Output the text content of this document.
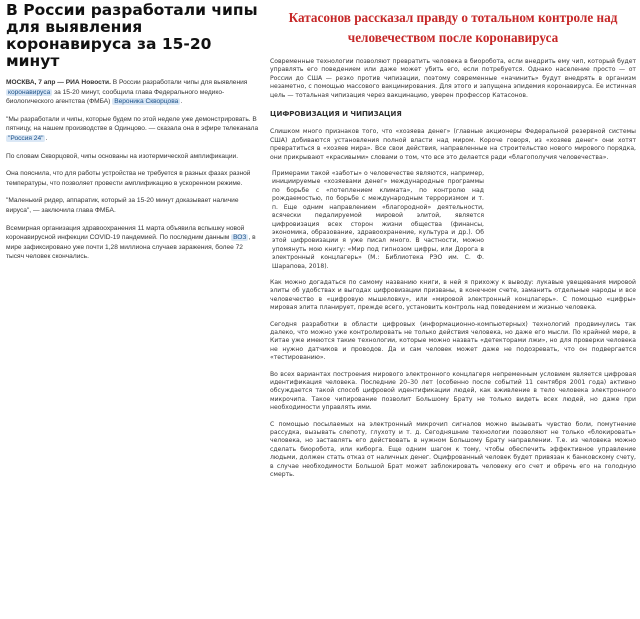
В России разработали чипы для выявления коронавируса за 15-20 минут

МОСКВА, 7 апр — РИА Новости. В России разработали чипы для выявления коронавируса за 15-20 минут, сообщила глава Федерального медико-биологического агентства (ФМБА) Вероника Скворцова .

"Мы разработали и чипы, которые будем по этой неделе уже демонстрировать. В пятницу, на нашем производстве в Одинцово. — сказала она в эфире телеканала "Россия 24" .

По словам Скворцовой, чипы основаны на изотермической амплификации.

Она пояснила, что для работы устройства не требуется в разных фазах разной температуры, что позволяет провести амплификацию в ускоренном режиме.

"Маленький ридер, аппаратик, который за 15-20 минут доказывает наличие вируса", — заключила глава ФМБА.

Всемирная организация здравоохранения 11 марта объявила вспышку новой коронавирусной инфекции COVID-19 пандемией. По последним данным ВОЗ , в мире зафиксировано уже почти 1,28 миллиона случаев заражения, более 72 тысяч человек скончались.

Катасонов рассказал правду о тотальном контроле над человечеством после коронавируса

Современные технологии позволяют превратить человека в биоробота, если внедрить ему чип, который будет управлять его поведением или даже может убить его, если потребуется. Однако население просто — от России до США — резко против чипизации, поэтому современные «начинить» будут внедрять в организм незаметно, с помощью массового вакцинирования. Для этого и запущена эпидемия коронавируса. Ее истинная цель — тотальная чипизация через вакцинацию, уверен профессор Катасонов.

ЦИФРОВИЗАЦИЯ И ЧИПИЗАЦИЯ

Слишком много признаков того, что «хозяева денег» (главные акционеры Федеральной резервной системы США) добиваются установления полной власти над миром. Короче говоря, из «хозяев денег» они хотят превратиться в «хозяев мира». Все свои действия, направленные на строительство нового мирового порядка, они прикрывают «красивыми» словами о том, что все это делается ради «благополучия человечества».

Примерами такой «заботы» о человечестве являются, например, инициируемые «хозяевами денег» международные программы по борьбе с «потеплением климата», по контролю над рождаемостью, по борьбе с международным терроризмом и т. п. Еще одним направлением «благородной» деятельности, всячески педалируемой мировой элитой, является цифровизация всех сторон жизни общества (финансы, экономика, образование, здравоохранение, культура и др.). Об этой цифровизации я уже писал много. В частности, можно упомянуть мою книгу: «Мир под гипнозом цифры, или Дорога в электронный концлагерь» (М.: Библиотека РЭО им. С. Ф. Шарапова, 2018).

Как можно догадаться по самому названию книги, в ней я прихожу к выводу: лукавые увещевания мировой элиты об удобствах и выгодах цифровизации призваны, в конечном счете, заманить отдельные народы и все человечество в «цифровую мышеловку», или «мировой электронный концлагерь». С помощью «цифры» мировая элита планирует, прежде всего, установить контроль над поведением и жизнью человека.

Сегодня разработки в области цифровых (информационно-компьютерных) технологий продвинулись так далеко, что можно уже контролировать не только действия человека, но даже его мысли. По крайней мере, в Китае уже имеются такие технологии, которые можно назвать «детекторами лжи», но для проверки человека не нужно датчиков и проводов. Да и сам человек может даже не подозревать, что он подвергается «тестированию».

Во всех вариантах построения мирового электронного концлагеря непременным условием является цифровая идентификация человека. Последние 20–30 лет (особенно после событий 11 сентября 2001 года) активно обсуждается такой способ цифровой идентификации людей, как вживление в тело человека электронного микрочипа. Такое чипирование позволит Большому Брату не только видеть всех людей, но даже при необходимости управлять ими.

С помощью посылаемых на электронный микрочип сигналов можно вызывать чувство боли, помутнение рассудка, вызывать слепоту, глухоту и т. д. Сегодняшние технологии позволяют не только «блокировать» человека, но заставлять его действовать в нужном Большому Брату направлении. Т.е. из человека можно сделать биоробота, или киборга. Еще одним шагом к тому, чтобы обеспечить эффективное управление людьми, должен стать отказ от наличных денег. Оцифрованный человек будет привязан к банковскому счету, в случае необходимости Большой Брат может заблокировать человеку его счет и обречь его на голодную смерть.
